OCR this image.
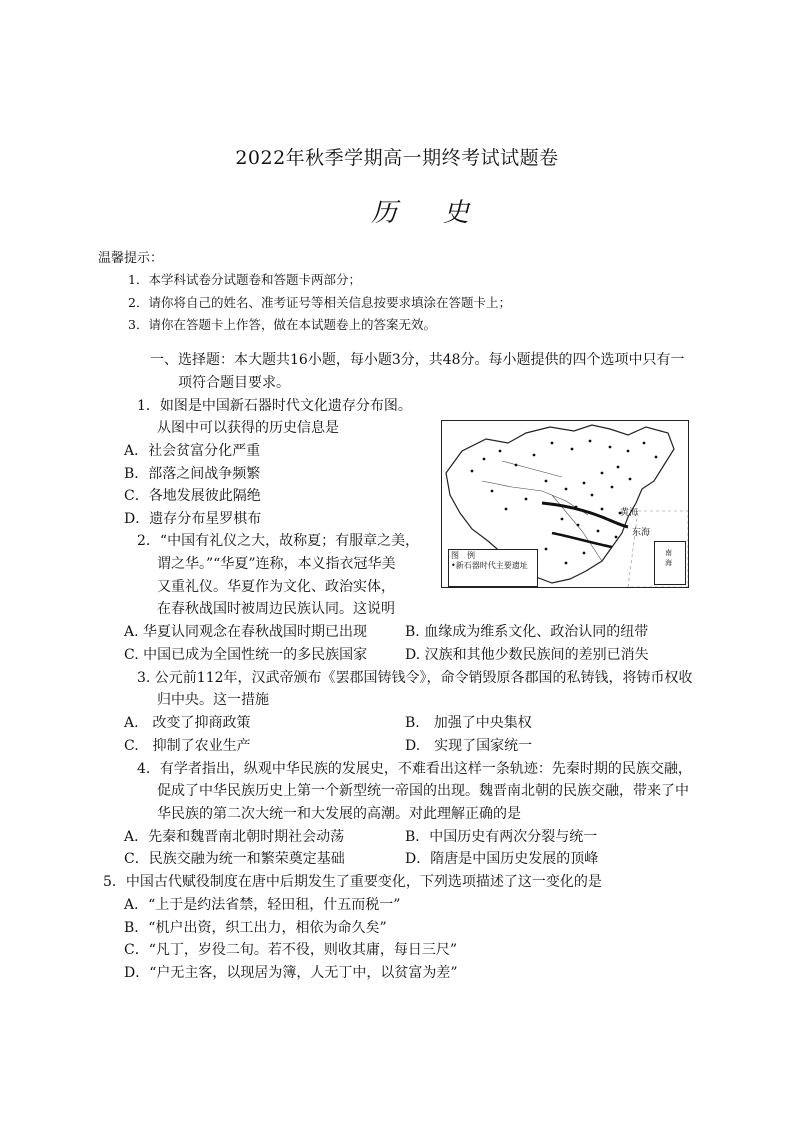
2022年秋季学期高一期终考试试题卷
历史
温馨提示：
1．本学科试卷分试题卷和答题卡两部分；
2．请你将自己的姓名、准考证号等相关信息按要求填涂在答题卡上；
3．请你在答题卡上作答，做在本试题卷上的答案无效。
一、选择题：本大题共16小题，每小题3分，共48分。每小题提供的四个选项中只有一
项符合题目要求。
1．如图是中国新石器时代文化遗存分布图。
从图中可以获得的历史信息是
A．社会贫富分化严重
B．部落之间战争频繁
C．各地发展彼此隔绝
D．遗存分布星罗棋布	黄海
东海
图　例
•新石器时代主要遗址
南海
2．“中国有礼仪之大，故称夏；有服章之美，
谓之华。”“华夏”连称，本义指衣冠华美
又重礼仪。华夏作为文化、政治实体，
在春秋战国时被周边民族认同。这说明
A. 华夏认同观念在春秋战国时期已出现	B. 血缘成为维系文化、政治认同的纽带
C. 中国已成为全国性统一的多民族国家	D. 汉族和其他少数民族间的差别已消失
3. 公元前112年，汉武帝颁布《罢郡国铸钱令》，命令销毁原各郡国的私铸钱，将铸币权收
归中央。这一措施
A.　改变了抑商政策	B.　加强了中央集权
C.　抑制了农业生产	D.　实现了国家统一
4．有学者指出，纵观中华民族的发展史，不难看出这样一条轨迹：先秦时期的民族交融，
促成了中华民族历史上第一个新型统一帝国的出现。魏晋南北朝的民族交融，带来了中
华民族的第二次大统一和大发展的高潮。对此理解正确的是
A．先秦和魏晋南北朝时期社会动荡	B．中国历史有两次分裂与统一
C．民族交融为统一和繁荣奠定基础	D．隋唐是中国历史发展的顶峰
5．中国古代赋役制度在唐中后期发生了重要变化，下列选项描述了这一变化的是
A．“上于是约法省禁，轻田租，什五而税一”
B．“机户出资，织工出力，相依为命久矣”
C．“凡丁，岁役二旬。若不役，则收其庸，每日三尺”
D．“户无主客，以现居为簿，人无丁中，以贫富为差”
